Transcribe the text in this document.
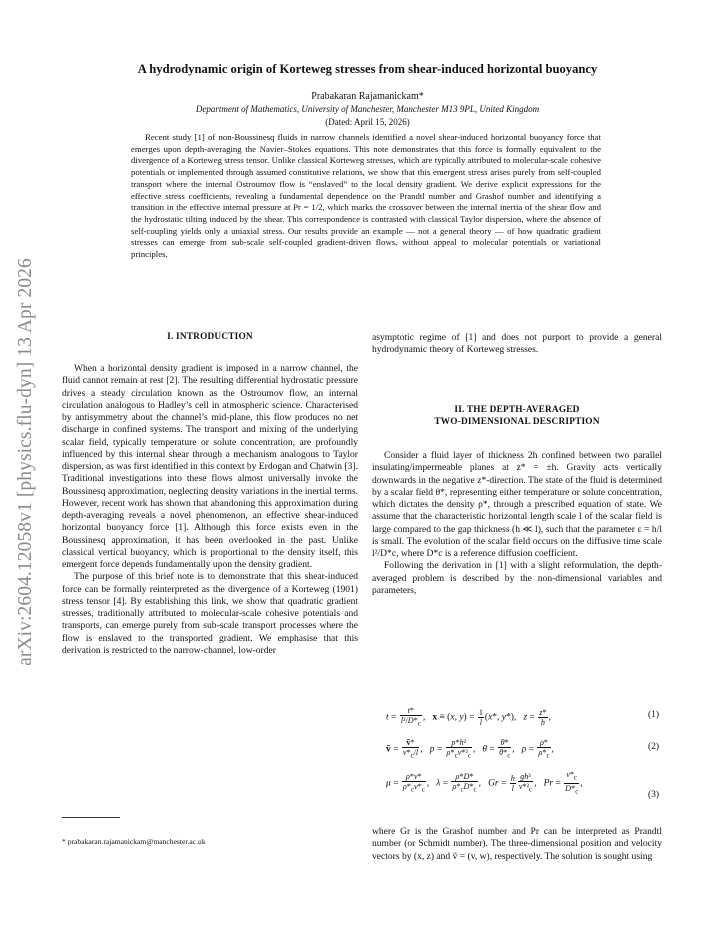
arXiv:2604.12058v1 [physics.flu-dyn] 13 Apr 2026
A hydrodynamic origin of Korteweg stresses from shear-induced horizontal buoyancy
Prabakaran Rajamanickam*
Department of Mathematics, University of Manchester, Manchester M13 9PL, United Kingdom
(Dated: April 15, 2026)

Recent study [1] of non-Boussinesq fluids in narrow channels identified a novel shear-induced horizontal buoyancy force that emerges upon depth-averaging the Navier–Stokes equations. This note demonstrates that this force is formally equivalent to the divergence of a Korteweg stress tensor. Unlike classical Korteweg stresses, which are typically attributed to molecular-scale cohesive potentials or implemented through assumed constitutive relations, we show that this emergent stress arises purely from self-coupled transport where the internal Ostroumov flow is “enslaved” to the local density gradient. We derive explicit expressions for the effective stress coefficients, revealing a fundamental dependence on the Prandtl number and Grashof number and identifying a transition in the effective internal pressure at Pr = 1/2, which marks the crossover between the internal inertia of the shear flow and the hydrostatic tilting induced by the shear. This correspondence is contrasted with classical Taylor dispersion, where the absence of self-coupling yields only a uniaxial stress. Our results provide an example — not a general theory — of how quadratic gradient stresses can emerge from sub-scale self-coupled gradient-driven flows, without appeal to molecular potentials or variational principles.

I. INTRODUCTION

When a horizontal density gradient is imposed in a narrow channel, the fluid cannot remain at rest [2]. The resulting differential hydrostatic pressure drives a steady circulation known as the Ostroumov flow, an internal circulation analogous to Hadley’s cell in atmospheric science. Characterised by antisymmetry about the channel’s mid-plane, this flow produces no net discharge in confined systems. The transport and mixing of the underlying scalar field, typically temperature or solute concentration, are profoundly influenced by this internal shear through a mechanism analogous to Taylor dispersion, as was first identified in this context by Erdogan and Chatwin [3]. Traditional investigations into these flows almost universally invoke the Boussinesq approximation, neglecting density variations in the inertial terms. However, recent work has shown that abandoning this approximation during depth-averaging reveals a novel phenomenon, an effective shear-induced horizontal buoyancy force [1]. Although this force exists even in the Boussinesq approximation, it has been overlooked in the past. Unlike classical vertical buoyancy, which is proportional to the density itself, this emergent force depends fundamentally upon the density gradient.

The purpose of this brief note is to demonstrate that this shear-induced force can be formally reinterpreted as the divergence of a Korteweg (1901) stress tensor [4]. By establishing this link, we show that quadratic gradient stresses, traditionally attributed to molecular-scale cohesive potentials and transports, can emerge purely from sub-scale transport processes where the flow is enslaved to the transported gradient. We emphasise that this derivation is restricted to the narrow-channel, low-order

* prabakaran.rajamanickam@manchester.ac.uk
asymptotic regime of [1] and does not purport to provide a general hydrodynamic theory of Korteweg stresses.
II. THE DEPTH-AVERAGED
TWO-DIMENSIONAL DESCRIPTION

Consider a fluid layer of thickness 2h confined between two parallel insulating/impermeable planes at z* = ±h. Gravity acts vertically downwards in the negative z*-direction. The state of the fluid is determined by a scalar field θ*, representing either temperature or solute concentration, which dictates the density ρ*, through a prescribed equation of state. We assume that the characteristic horizontal length scale l of the scalar field is large compared to the gap thickness (h ≪ l), such that the parameter ε = h/l is small. The evolution of the scalar field occurs on the diffusive time scale l²/D*c, where D*c is a reference diffusion coefficient.

Following the derivation in [1] with a slight reformulation, the depth-averaged problem is described by the non-dimensional variables and parameters,

$t = \frac{t*}{l^2/D*_c}$ ,   x ≡ (x, $y) = \frac{1}{l} (x*$, y*),   $z = \frac{z*}{h}$ ,	(1)
ṽ = $\frac{\text{ṽ*}}{\nu*_c/l}$ ,   $p = \frac{\text{p*h²}}{\rho*_c\nu*^2_c}$ ,   $\theta = \frac{\theta*}{\theta*_c}$ ,   $\rho = \frac{\rho*}{\rho*_c}$ ,	(2)
$\mu = \frac{\rho*\nu*}{\rho*_c\nu*_c}$ ,   $\lambda = \frac{\rho*D*}{\rho*_cD*_c}$ ,   $Gr = \frac{h}{l} \frac{\text{gh³}}{\nu*^2_c}$ ,   $Pr = \frac{\nu*_c}{D*_c}$ ,
(3)
where Gr is the Grashof number and Pr can be interpreted as Prandtl number (or Schmidt number). The three-dimensional position and velocity vectors by (x, z) and ṽ = (v, w), respectively. The solution is sought using
